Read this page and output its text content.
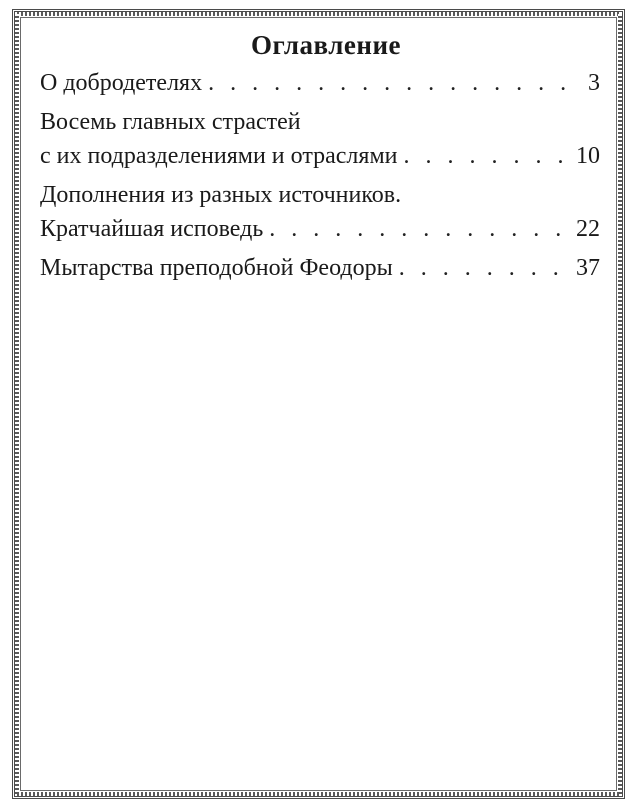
Оглавление
О добродетелях . . .	3
Восемь главных страстей
с их подразделениями и отраслями . . .	10
Дополнения из разных источников.
Кратчайшая исповедь . . .	22
Мытарства преподобной Феодоры . . .	37
